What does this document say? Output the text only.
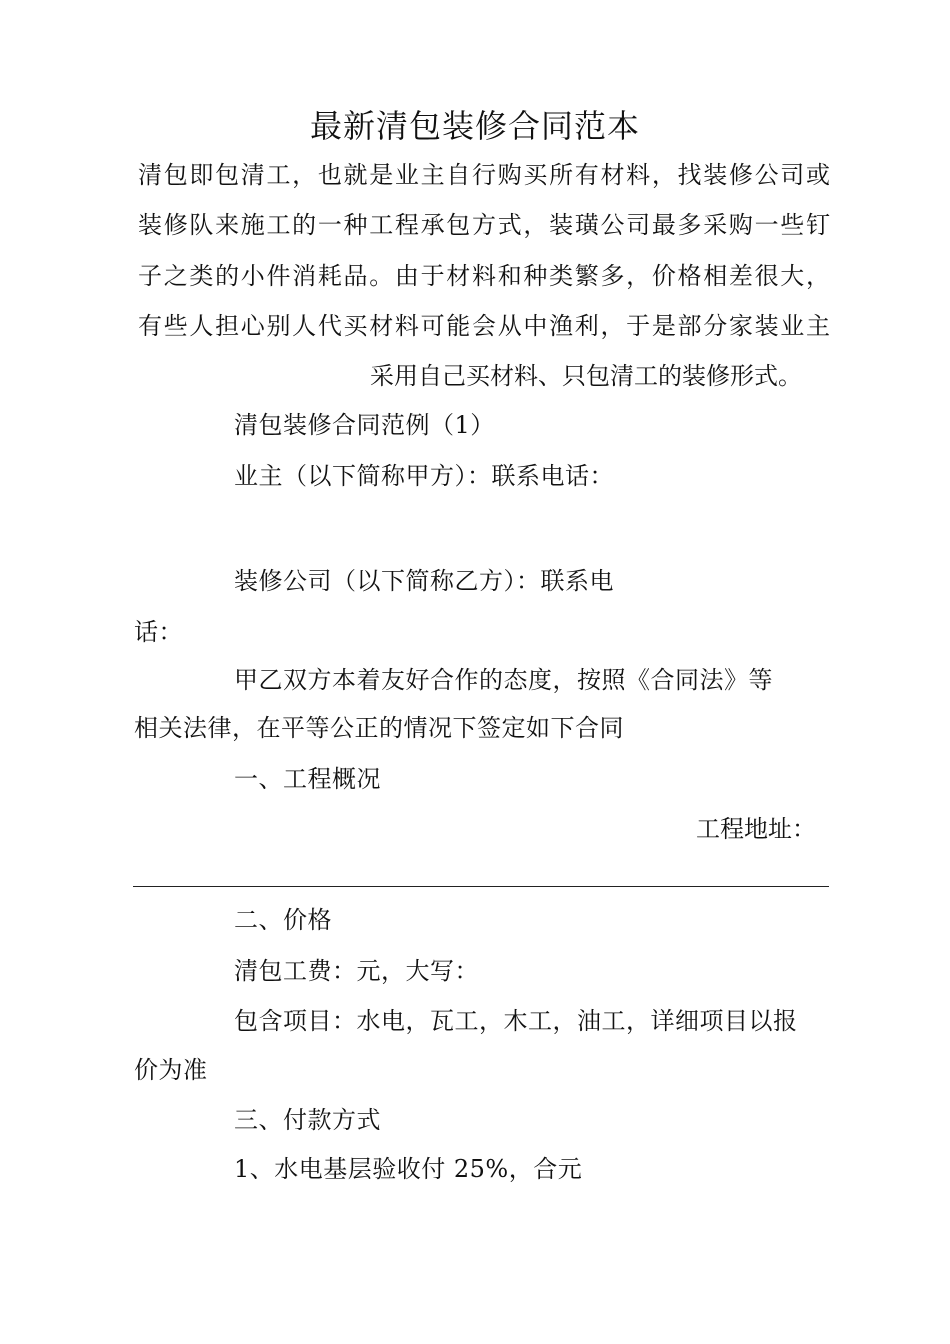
最新清包装修合同范本
清包即包清工，也就是业主自行购买所有材料，找装修公司或
装修队来施工的一种工程承包方式，装璜公司最多采购一些钉
子之类的小件消耗品。由于材料和种类繁多，价格相差很大，
有些人担心别人代买材料可能会从中渔利，于是部分家装业主
采用自己买材料、只包清工的装修形式。
清包装修合同范例（1）
业主（以下简称甲方）：联系电话：
装修公司（以下简称乙方）：联系电
话：
甲乙双方本着友好合作的态度，按照《合同法》等
相关法律，在平等公正的情况下签定如下合同
一、工程概况
工程地址：
二、价格
清包工费：元，大写：
包含项目：水电，瓦工，木工，油工，详细项目以报
价为准
三、付款方式
1、水电基层验收付 25%，合元
